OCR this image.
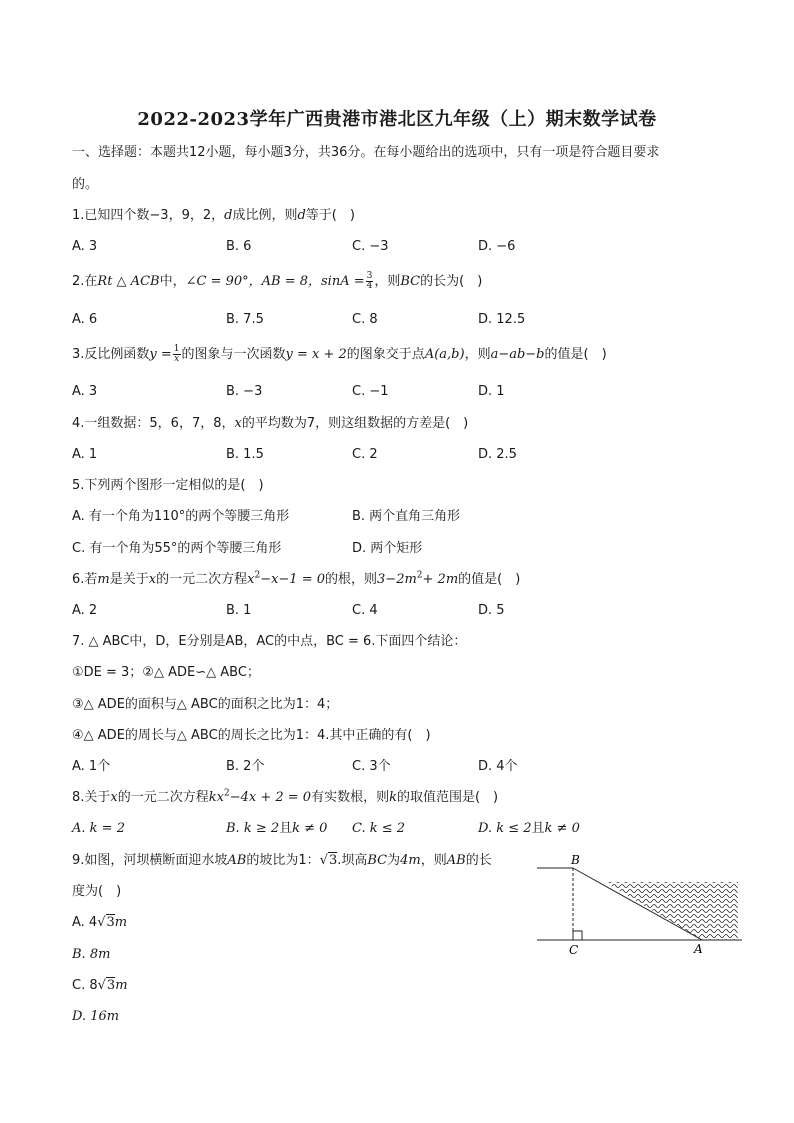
2022-2023学年广西贵港市港北区九年级（上）期末数学试卷
一、选择题：本题共12小题，每小题3分，共36分。在每小题给出的选项中，只有一项是符合题目要求
的。
1.已知四个数−3，9，2，d成比例，则d等于(　)
A. 3	B. 6	C. −3	D. −6
2.在Rt △ ACB中，∠C = 90°，AB = 8，$\sin A = \frac{3}{4}$ ，则BC的长为(　)
A. 6	B. 7.5	C. 8	D. 12.5
3.反比例函数$y = \frac{1}{x}$ 的图象与一次函数y = x + 2的图象交于点A(a,b)，则a−ab−b的值是(　)
A. 3	B. −3	C. −1	D. 1
4.一组数据：5，6，7，8，x的平均数为7，则这组数据的方差是(　)
A. 1	B. 1.5	C. 2	D. 2.5
5.下列两个图形一定相似的是(　)
A. 有一个角为110°的两个等腰三角形	B. 两个直角三角形
C. 有一个角为55°的两个等腰三角形	D. 两个矩形
6.若m是关于x的一元二次方程$x^2-x-1 = 0$的根，则$3-2m^2+ 2m$的值是(　)
A. 2	B. 1	C. 4	D. 5
7. △ ABC中，D，E分别是AB，AC的中点，BC = 6.下面四个结论：
①DE = 3；②△ ADE∽△ ABC；
③△ ADE的面积与△ ABC的面积之比为1：4；
④△ ADE的周长与△ ABC的周长之比为1：4.其中正确的有(　)
A. 1个	B. 2个	C. 3个	D. 4个
8.关于x的一元二次方程$kx^2-4x + 2 = 0$有实数根，则k的取值范围是(　)
A. k = 2	B. k ≥ 2且k ≠ 0 C. k ≤ 2	D. k ≤ 2且k ≠ 0
9.如图，河坝横断面迎水坡AB的坡比为1：√3.坝高BC为4m，则AB的长
度为(　)
A. 4√3m
B. 8m
C. 8√3m
D. 16m
B
C	A
